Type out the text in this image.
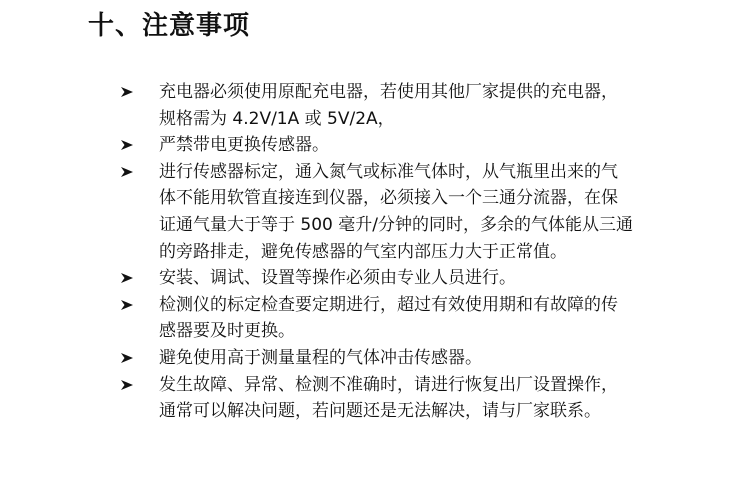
十、注意事项
充电器必须使用原配充电器，若使用其他厂家提供的充电器，
规格需为 4.2V/1A 或 5V/2A，
严禁带电更换传感器。
进行传感器标定，通入氮气或标准气体时，从气瓶里出来的气
体不能用软管直接连到仪器，必须接入一个三通分流器，在保
证通气量大于等于 500 毫升/分钟的同时，多余的气体能从三通
的旁路排走，避免传感器的气室内部压力大于正常值。
安装、调试、设置等操作必须由专业人员进行。
检测仪的标定检查要定期进行，超过有效使用期和有故障的传
感器要及时更换。
避免使用高于测量量程的气体冲击传感器。
发生故障、异常、检测不准确时，请进行恢复出厂设置操作，
通常可以解决问题，若问题还是无法解决，请与厂家联系。
